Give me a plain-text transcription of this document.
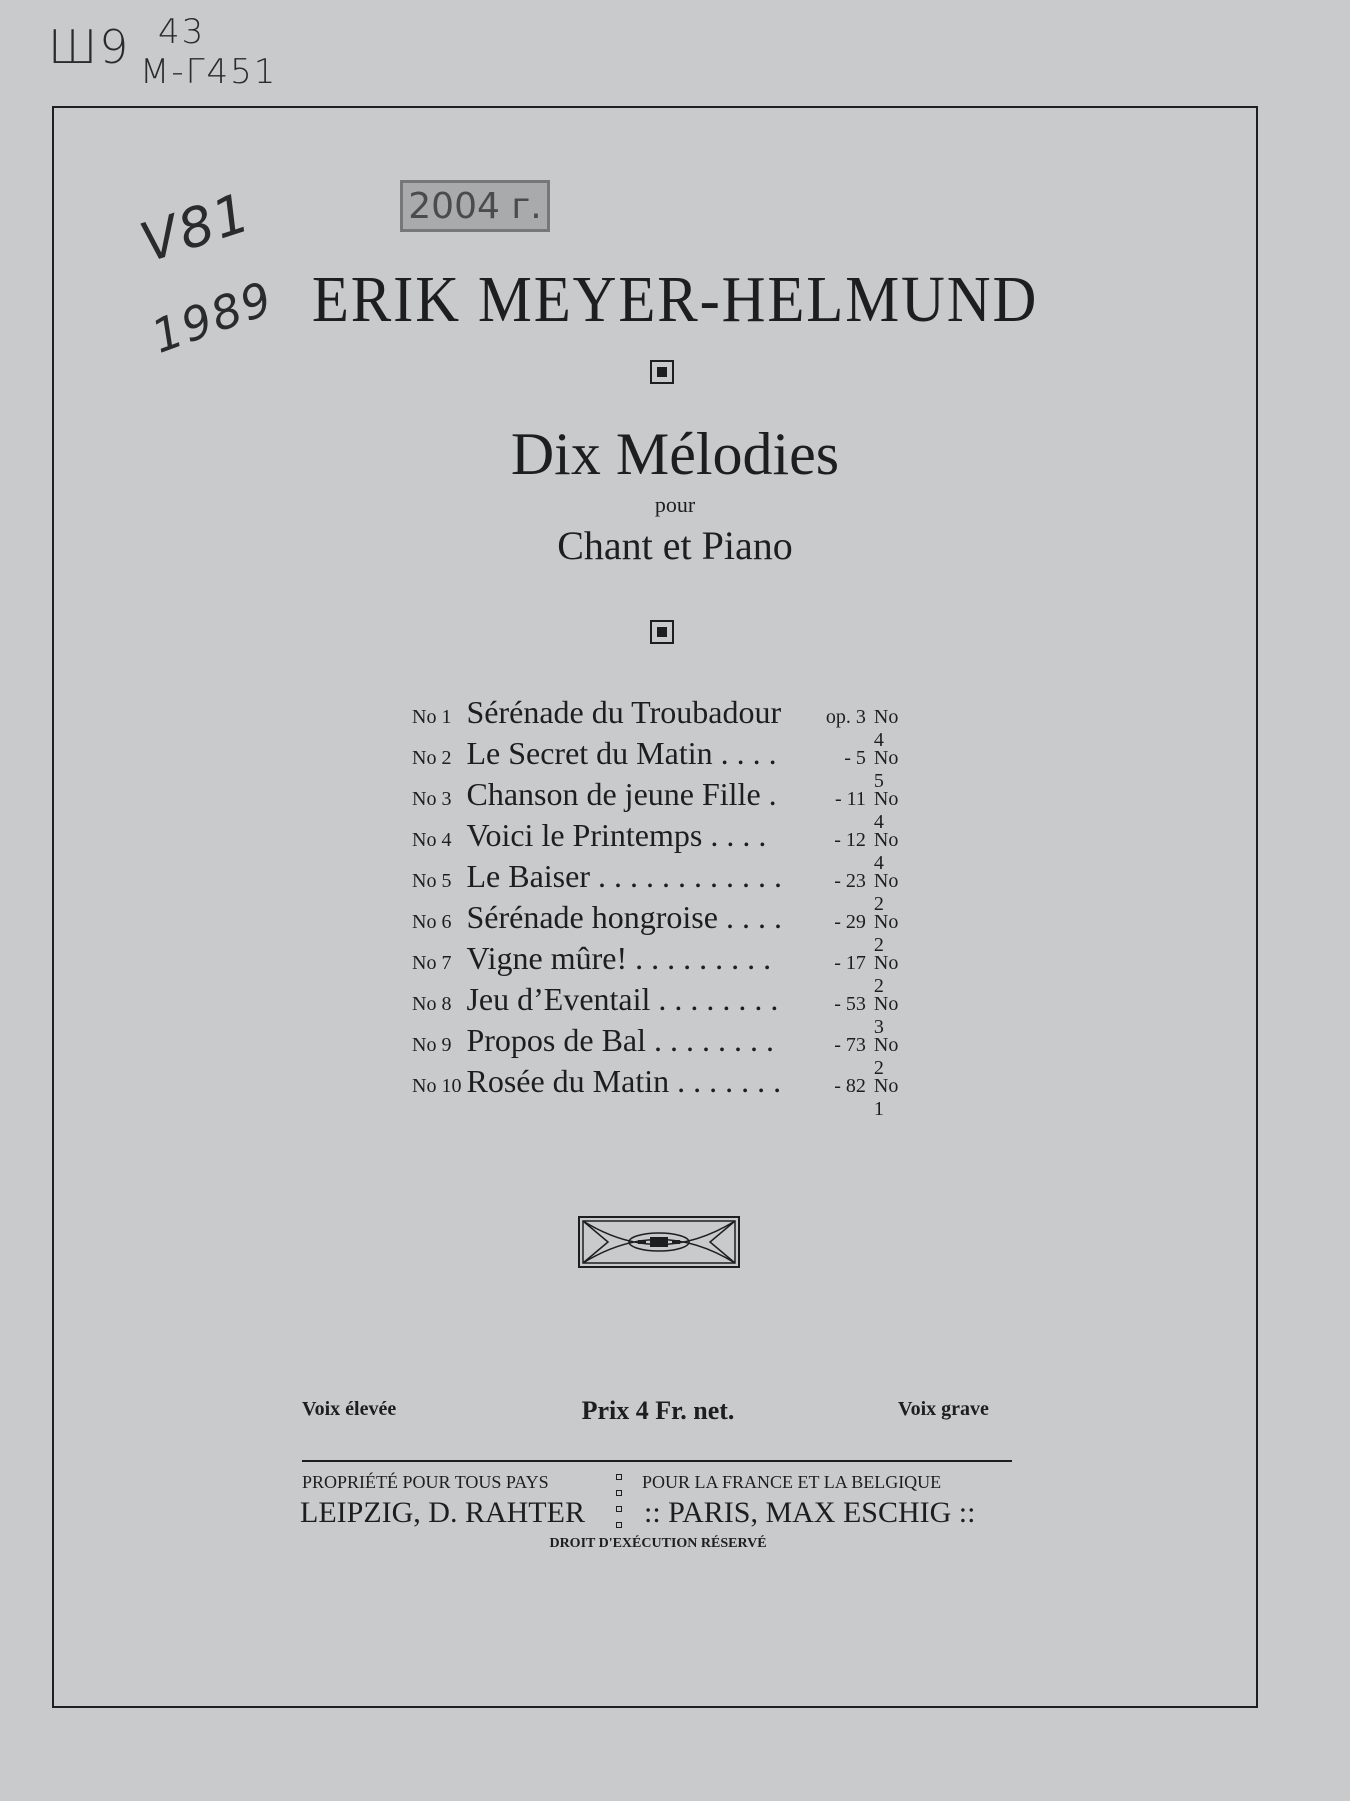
Ш9 43
М-Г451
V81
1989
2004 г.
ERIK MEYER-HELMUND
Dix Mélodies
pour
Chant et Piano
No 1 Sérénade du Troubadour	op. 3 No 4
No 2 Le Secret du Matin . . . .	- 5 No 5
No 3 Chanson de jeune Fille .	- 11 No 4
No 4 Voici le Printemps . . . .	- 12 No 4
No 5 Le Baiser . . . . . . . . . . . .	- 23 No 2
No 6 Sérénade hongroise . . . .	- 29 No 2
No 7 Vigne mûre! . . . . . . . . .	- 17 No 2
No 8 Jeu d’Eventail . . . . . . . .	- 53 No 3
No 9 Propos de Bal . . . . . . . .	- 73 No 2
No 10 Rosée du Matin . . . . . . .	- 82 No 1
Voix élevée	Prix 4 Fr. net.	Voix grave
PROPRIÉTÉ POUR TOUS PAYS	POUR LA FRANCE ET LA BELGIQUE
LEIPZIG, D. RAHTER :: PARIS, MAX ESCHIG ::
DROIT D'EXÉCUTION RÉSERVÉ
